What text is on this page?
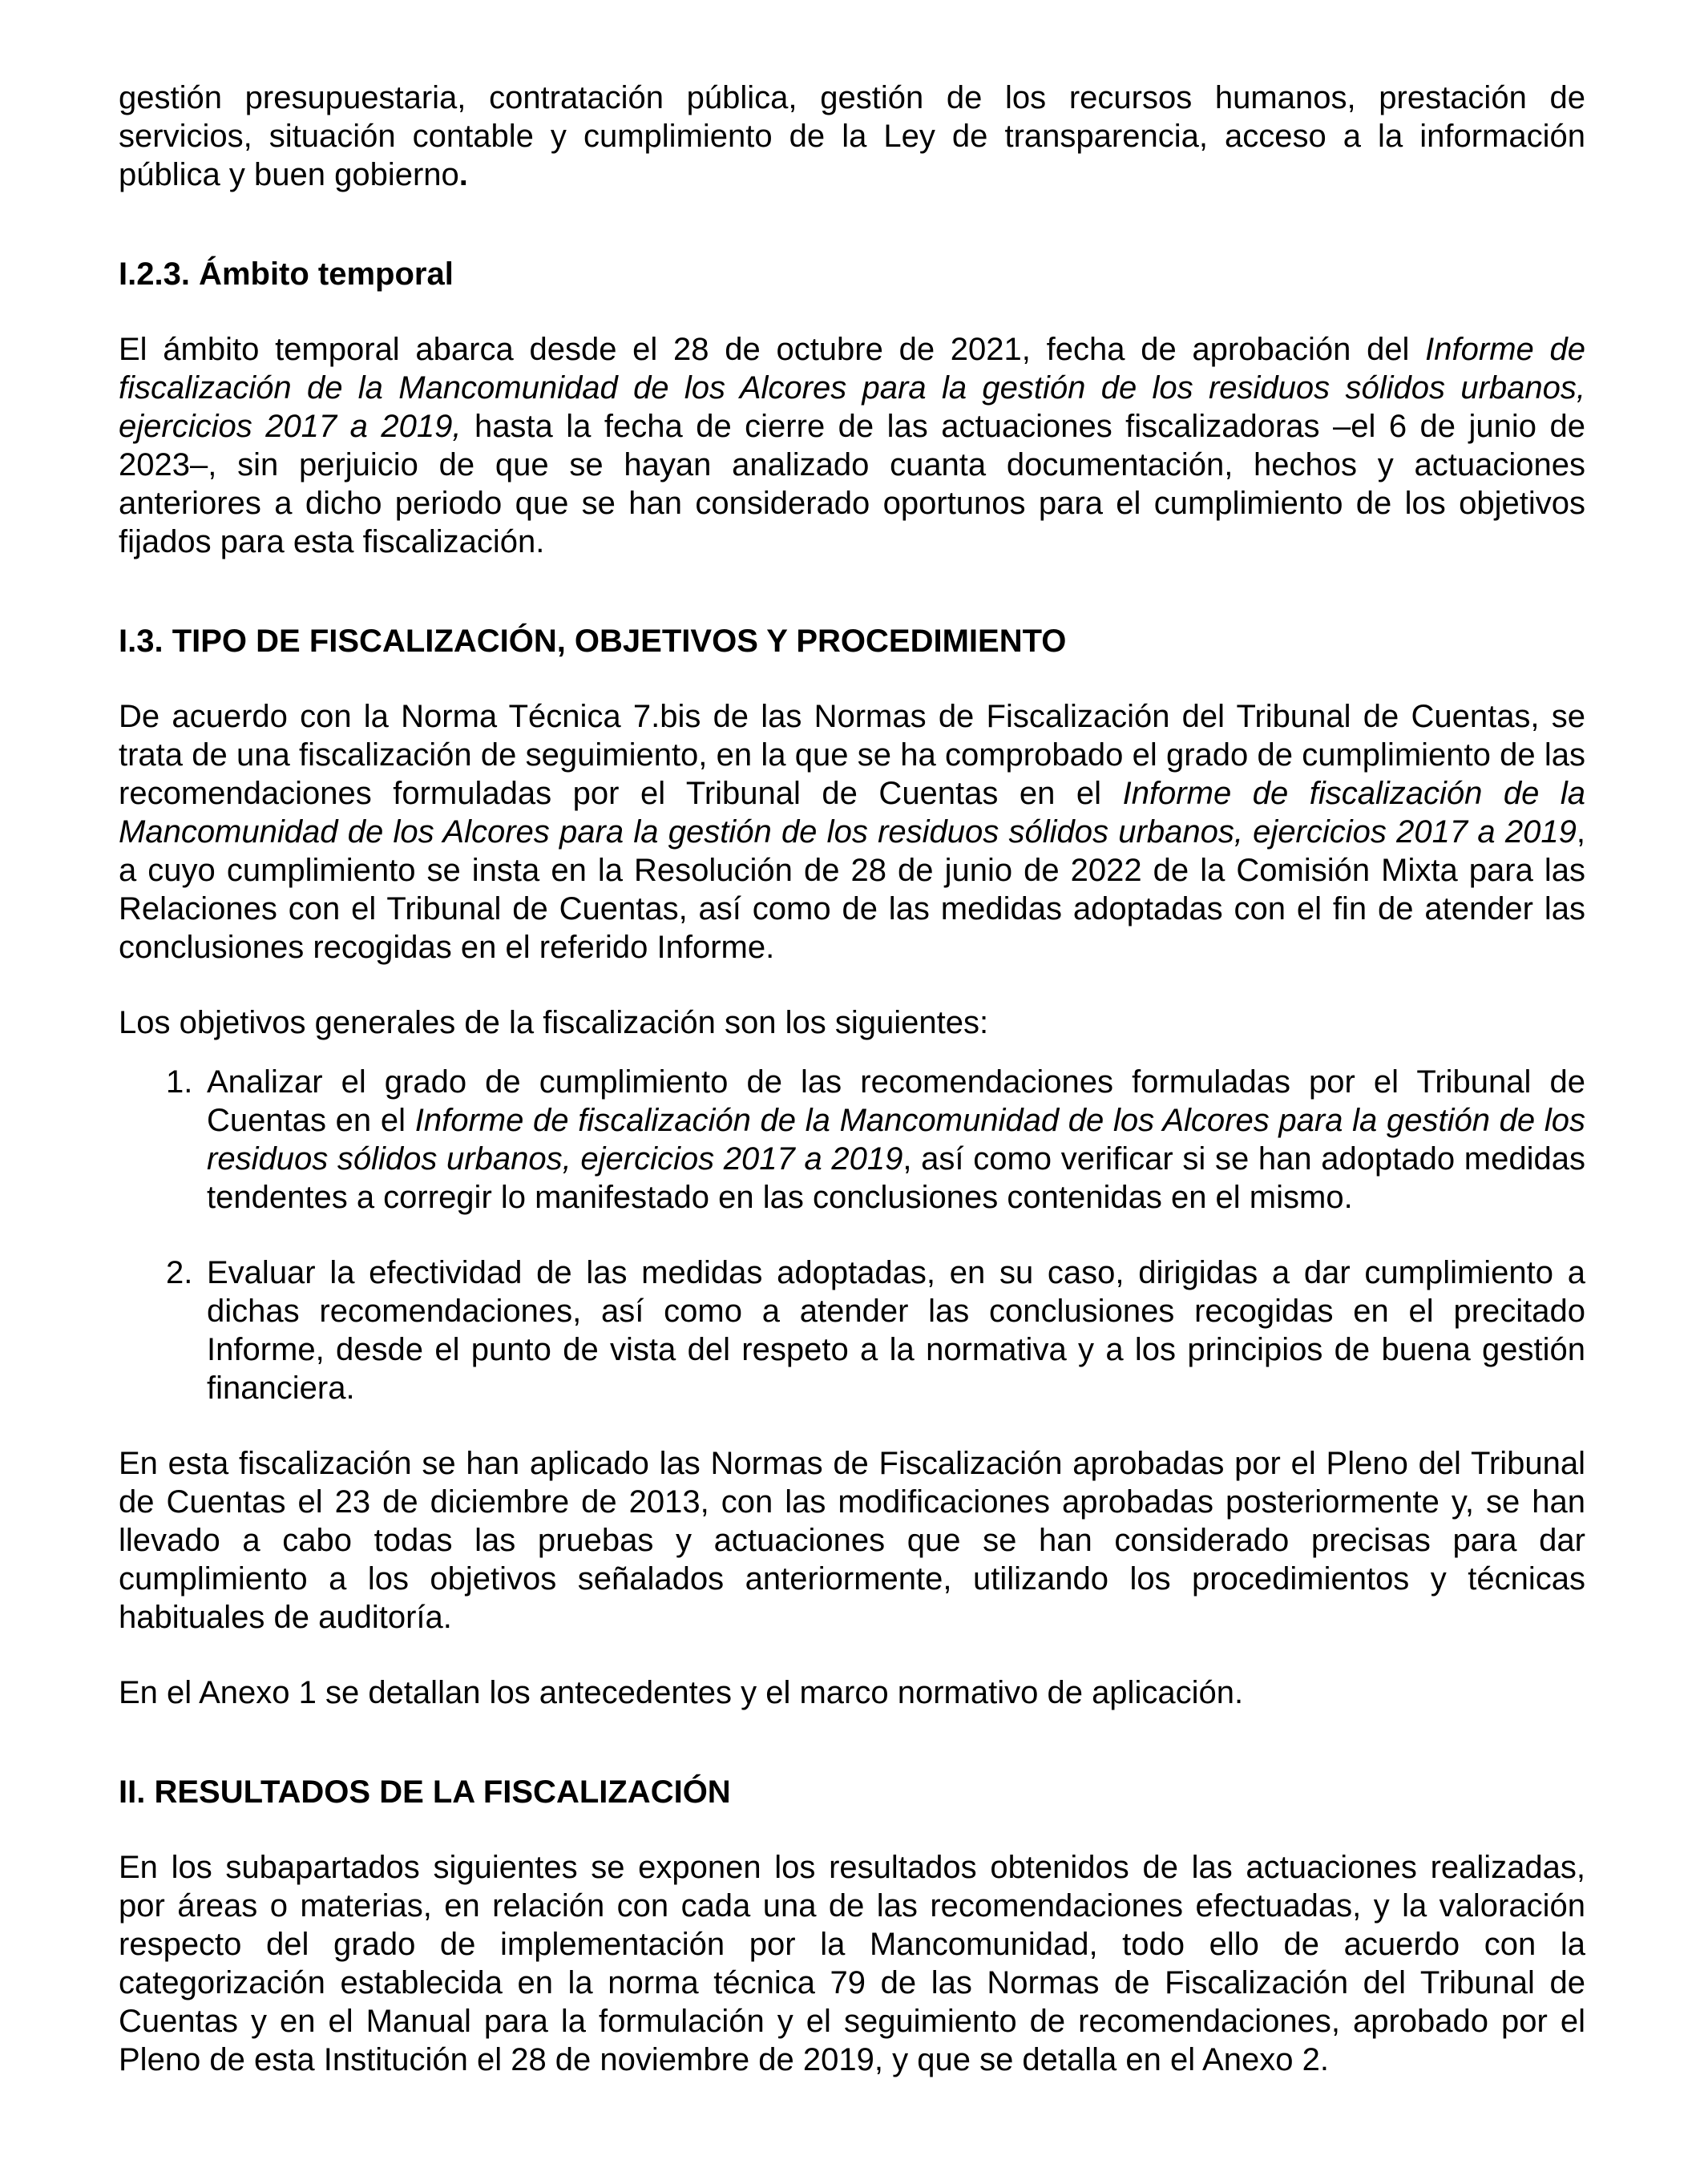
gestión presupuestaria, contratación pública, gestión de los recursos humanos, prestación de servicios, situación contable y cumplimiento de la Ley de transparencia, acceso a la información pública y buen gobierno.

I.2.3. Ámbito temporal

El ámbito temporal abarca desde el 28 de octubre de 2021, fecha de aprobación del Informe de fiscalización de la Mancomunidad de los Alcores para la gestión de los residuos sólidos urbanos, ejercicios 2017 a 2019, hasta la fecha de cierre de las actuaciones fiscalizadoras –el 6 de junio de 2023–, sin perjuicio de que se hayan analizado cuanta documentación, hechos y actuaciones anteriores a dicho periodo que se han considerado oportunos para el cumplimiento de los objetivos fijados para esta fiscalización.

I.3. TIPO DE FISCALIZACIÓN, OBJETIVOS Y PROCEDIMIENTO

De acuerdo con la Norma Técnica 7.bis de las Normas de Fiscalización del Tribunal de Cuentas, se trata de una fiscalización de seguimiento, en la que se ha comprobado el grado de cumplimiento de las recomendaciones formuladas por el Tribunal de Cuentas en el Informe de fiscalización de la Mancomunidad de los Alcores para la gestión de los residuos sólidos urbanos, ejercicios 2017 a 2019, a cuyo cumplimiento se insta en la Resolución de 28 de junio de 2022 de la Comisión Mixta para las Relaciones con el Tribunal de Cuentas, así como de las medidas adoptadas con el fin de atender las conclusiones recogidas en el referido Informe.

Los objetivos generales de la fiscalización son los siguientes:

1. Analizar el grado de cumplimiento de las recomendaciones formuladas por el Tribunal de Cuentas en el Informe de fiscalización de la Mancomunidad de los Alcores para la gestión de los residuos sólidos urbanos, ejercicios 2017 a 2019, así como verificar si se han adoptado medidas tendentes a corregir lo manifestado en las conclusiones contenidas en el mismo.
2. Evaluar la efectividad de las medidas adoptadas, en su caso, dirigidas a dar cumplimiento a dichas recomendaciones, así como a atender las conclusiones recogidas en el precitado Informe, desde el punto de vista del respeto a la normativa y a los principios de buena gestión financiera.

En esta fiscalización se han aplicado las Normas de Fiscalización aprobadas por el Pleno del Tribunal de Cuentas el 23 de diciembre de 2013, con las modificaciones aprobadas posteriormente y, se han llevado a cabo todas las pruebas y actuaciones que se han considerado precisas para dar cumplimiento a los objetivos señalados anteriormente, utilizando los procedimientos y técnicas habituales de auditoría.

En el Anexo 1 se detallan los antecedentes y el marco normativo de aplicación.

II. RESULTADOS DE LA FISCALIZACIÓN

En los subapartados siguientes se exponen los resultados obtenidos de las actuaciones realizadas, por áreas o materias, en relación con cada una de las recomendaciones efectuadas, y la valoración respecto del grado de implementación por la Mancomunidad, todo ello de acuerdo con la categorización establecida en la norma técnica 79 de las Normas de Fiscalización del Tribunal de Cuentas y en el Manual para la formulación y el seguimiento de recomendaciones, aprobado por el Pleno de esta Institución el 28 de noviembre de 2019, y que se detalla en el Anexo 2.
